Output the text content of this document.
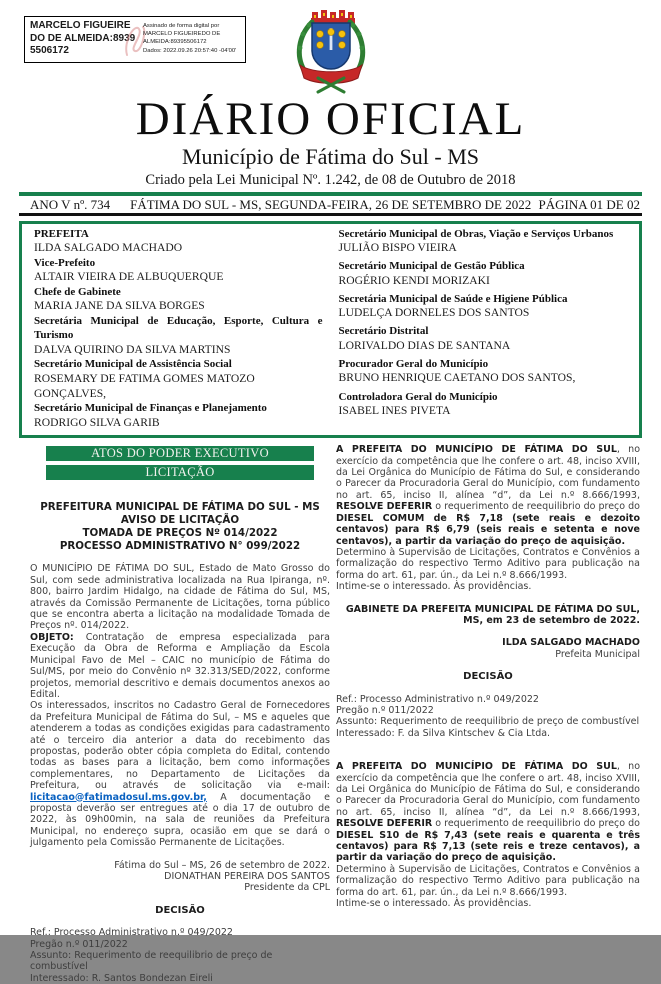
MARCELO FIGUEIREDO DE ALMEIDA:89395506172
Assinado de forma digital por
MARCELO FIGUEIREDO DE
ALMEIDA:89395506172
Dados: 2022.09.26 20:57:40 -04'00'
DIÁRIO OFICIAL
Município de Fátima do Sul - MS
Criado pela Lei Municipal Nº. 1.242, de 08 de Outubro de 2018
ANO V nº. 734 FÁTIMA DO SUL - MS, SEGUNDA-FEIRA, 26 DE SETEMBRO DE 2022 PÁGINA 01 DE 02
PREFEITA
ILDA SALGADO MACHADO
Vice-Prefeito
ALTAIR VIEIRA DE ALBUQUERQUE
Chefe de Gabinete
MARIA JANE DA SILVA BORGES
Secretária Municipal de Educação, Esporte, Cultura e Turismo
DALVA QUIRINO DA SILVA MARTINS
Secretário Municipal de Assistência Social
ROSEMARY DE FATIMA GOMES MATOZO GONÇALVES,
Secretário Municipal de Finanças e Planejamento
RODRIGO SILVA GARIB
Secretário Municipal de Obras, Viação e Serviços Urbanos
JULIÃO BISPO VIEIRA
Secretário Municipal de Gestão Pública
ROGÉRIO KENDI MORIZAKI
Secretária Municipal de Saúde e Higiene Pública
LUDELÇA DORNELES DOS SANTOS
Secretário Distrital
LORIVALDO DIAS DE SANTANA
Procurador Geral do Município
BRUNO HENRIQUE CAETANO DOS SANTOS,
Controladora Geral do Município
ISABEL INES PIVETA
ATOS DO PODER EXECUTIVO
LICITAÇÃO
PREFEITURA MUNICIPAL DE FÁTIMA DO SUL - MS
AVISO DE LICITAÇÃO
TOMADA DE PREÇOS Nº 014/2022
PROCESSO ADMINISTRATIVO N° 099/2022
O MUNICÍPIO DE FÁTIMA DO SUL, Estado de Mato Grosso do Sul, com sede administrativa localizada na Rua Ipiranga, nº. 800, bairro Jardim Hidalgo, na cidade de Fátima do Sul, MS, através da Comissão Permanente de Licitações, torna público que se encontra aberta a licitação na modalidade Tomada de Preços nº. 014/2022.
OBJETO: Contratação de empresa especializada para Execução da Obra de Reforma e Ampliação da Escola Municipal Favo de Mel – CAIC no município de Fátima do Sul/MS, por meio do Convênio nº 32.313/SED/2022, conforme projetos, memorial descritivo e demais documentos anexos ao Edital.
Os interessados, inscritos no Cadastro Geral de Fornecedores da Prefeitura Municipal de Fátima do Sul, – MS e aqueles que atenderem a todas as condições exigidas para cadastramento até o terceiro dia anterior a data do recebimento das propostas, poderão obter cópia completa do Edital, contendo todas as bases para a licitação, bem como informações complementares, no Departamento de Licitações da Prefeitura, ou através de solicitação via e-mail: licitacao@fatimadosul.ms.gov.br, A documentação e proposta deverão ser entregues até o dia 17 de outubro de 2022, às 09h00min, na sala de reuniões da Prefeitura Municipal, no endereço supra, ocasião em que se dará o julgamento pela Comissão Permanente de Licitações.
Fátima do Sul – MS, 26 de setembro de 2022.
DIONATHAN PEREIRA DOS SANTOS
Presidente da CPL
DECISÃO
Ref.: Processo Administrativo n.º 049/2022
Pregão n.º 011/2022
Assunto: Requerimento de reequilibrio de preço de combustível
Interessado: R. Santos Bondezan Eireli
A PREFEITA DO MUNICÍPIO DE FÁTIMA DO SUL, no exercício da competência que lhe confere o art. 48, inciso XVIII, da Lei Orgânica do Município de Fátima do Sul, e considerando o Parecer da Procuradoria Geral do Município, com fundamento no art. 65, inciso II, alínea “d”, da Lei n.º 8.666/1993, RESOLVE DEFERIR o requerimento de reequilibrio do preço do DIESEL COMUM de R$ 7,18 (sete reais e dezoito centavos) para R$ 6,79 (seis reais e setenta e nove centavos), a partir da variação do preço de aquisição.
Determino à Supervisão de Licitações, Contratos e Convênios a formalização do respectivo Termo Aditivo para publicação na forma do art. 61, par. ún., da Lei n.º 8.666/1993.
Intime-se o interessado. Às providências.
GABINETE DA PREFEITA MUNICIPAL DE FÁTIMA DO SUL, MS, em 23 de setembro de 2022.
ILDA SALGADO MACHADO
Prefeita Municipal
DECISÃO
Ref.: Processo Administrativo n.º 049/2022
Pregão n.º 011/2022
Assunto: Requerimento de reequilibrio de preço de combustível
Interessado: F. da Silva Kintschev & Cia Ltda.
A PREFEITA DO MUNICÍPIO DE FÁTIMA DO SUL, no exercício da competência que lhe confere o art. 48, inciso XVIII, da Lei Orgânica do Município de Fátima do Sul, e considerando o Parecer da Procuradoria Geral do Município, com fundamento no art. 65, inciso II, alínea “d”, da Lei n.º 8.666/1993, RESOLVE DEFERIR o requerimento de reequilibrio do preço do DIESEL S10 de R$ 7,43 (sete reais e quarenta e três centavos) para R$ 7,13 (sete reis e treze centavos), a partir da variação do preço de aquisição.
Determino à Supervisão de Licitações, Contratos e Convênios a formalização do respectivo Termo Aditivo para publicação na forma do art. 61, par. ún., da Lei n.º 8.666/1993.
Intime-se o interessado. Às providências.
